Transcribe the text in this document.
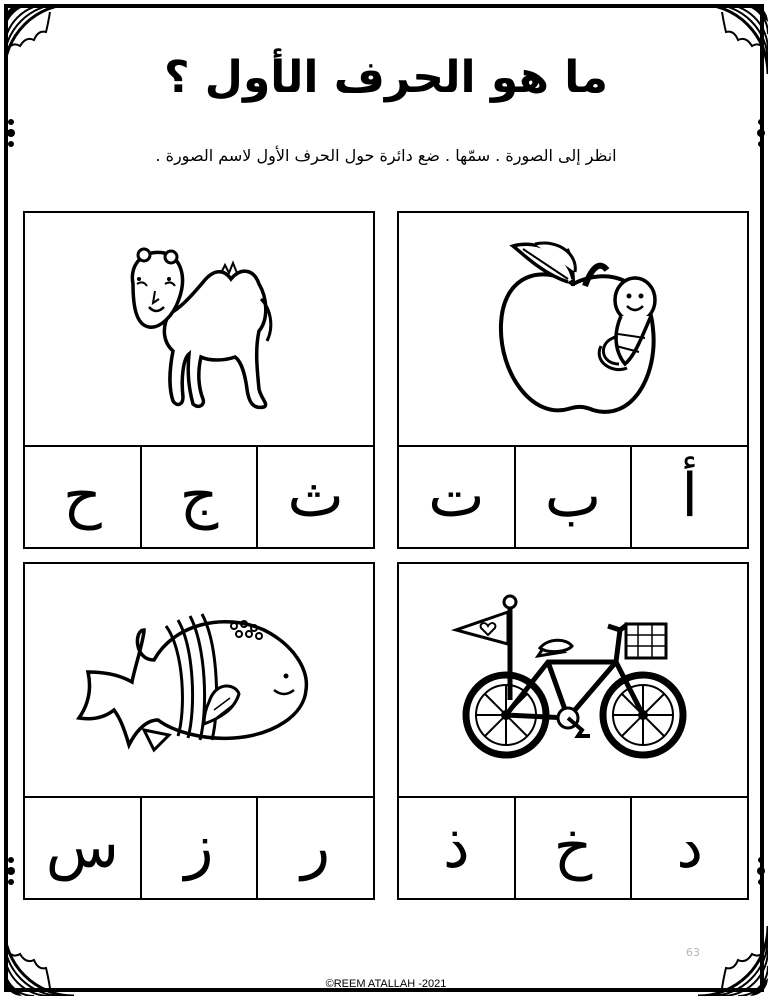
ما هو الحرف الأول ؟
انظر إلى الصورة . سمّها . ضع دائرة حول الحرف الأول لاسم الصورة .
أ
ب
ت
ث
ج
ح
د
خ
ذ
ر
ز
س
63
©REEM ATALLAH -2021
